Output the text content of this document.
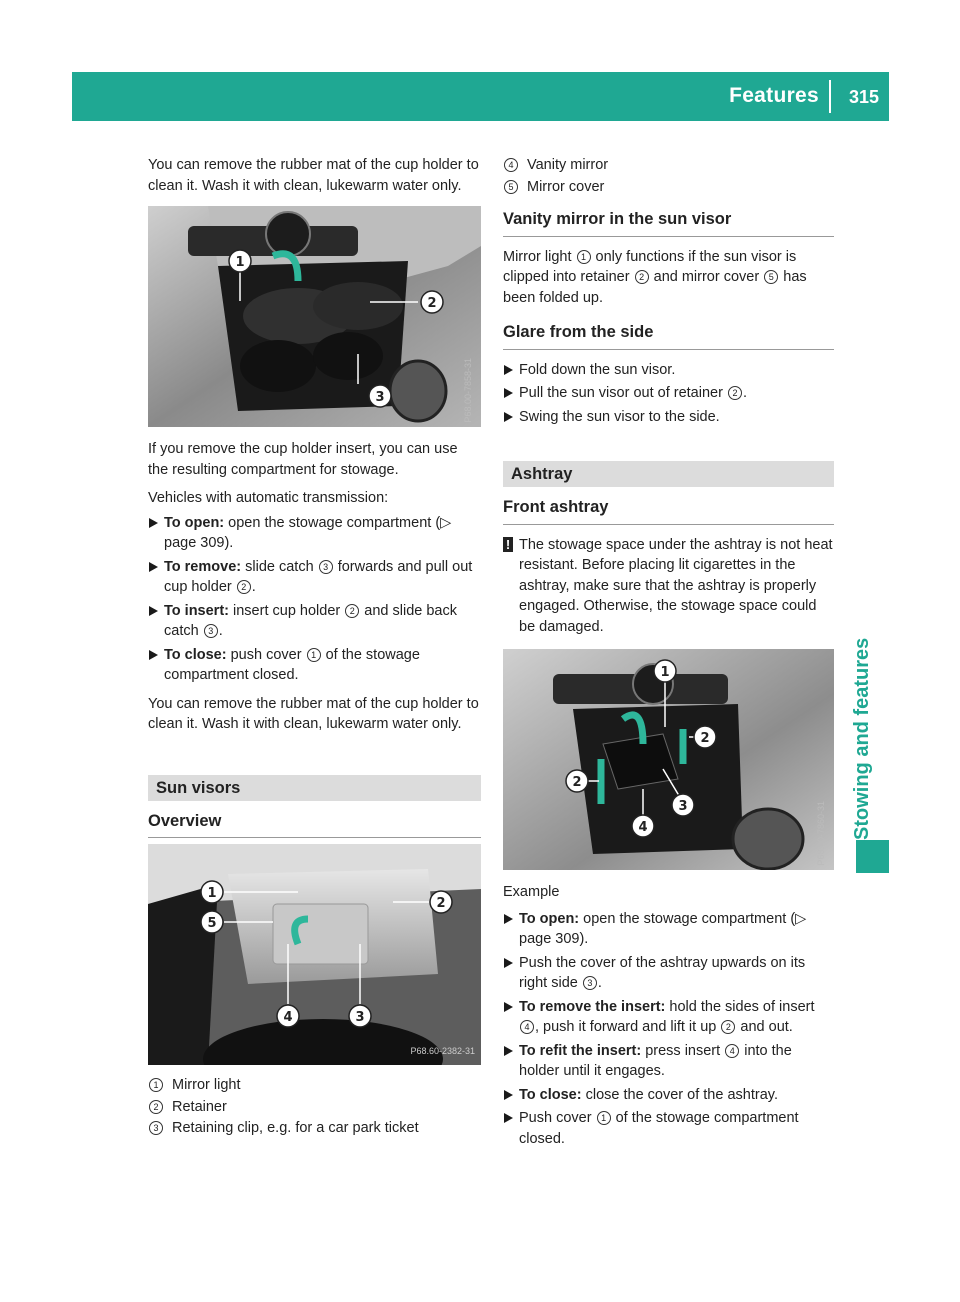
Features 315
Stowing and features

You can remove the rubber mat of the cup holder to clean it. Wash it with clean, lukewarm water only.

1
2
3	P68.00-7858-31

If you remove the cup holder insert, you can use the resulting compartment for stowage.

Vehicles with automatic transmission:

To open: open the stowage compartment (▷ page 309).
To remove: slide catch 3 forwards and pull out cup holder 2 .
To insert: insert cup holder 2 and slide back catch 3 .
To close: push cover 1 of the stowage compartment closed.

You can remove the rubber mat of the cup holder to clean it. Wash it with clean, lukewarm water only.

Sun visors
Overview
1
5
2
4	3
P68.60-2382-31
1 Mirror light
2 Retainer
3 Retaining clip, e.g. for a car park ticket
4 Vanity mirror
5 Mirror cover
Vanity mirror in the sun visor

Mirror light 1 only functions if the sun visor is clipped into retainer 2 and mirror cover 5 has been folded up.

Glare from the side
Fold down the sun visor.
Pull the sun visor out of retainer 2 .
Swing the sun visor to the side.
Ashtray
Front ashtray
! The stowage space under the ashtray is not heat resistant. Before placing lit cigarettes in the ashtray, make sure that the ashtray is properly engaged. Otherwise, the stowage space could be damaged.
1
2
2
3
4	P68.00-7860-31

Example

To open: open the stowage compartment (▷ page 309).
Push the cover of the ashtray upwards on its right side 3 .
To remove the insert: hold the sides of insert 4 , push it forward and lift it up 2 and out.
To refit the insert: press insert 4 into the holder until it engages.
To close: close the cover of the ashtray.
Push cover 1 of the stowage compartment closed.
